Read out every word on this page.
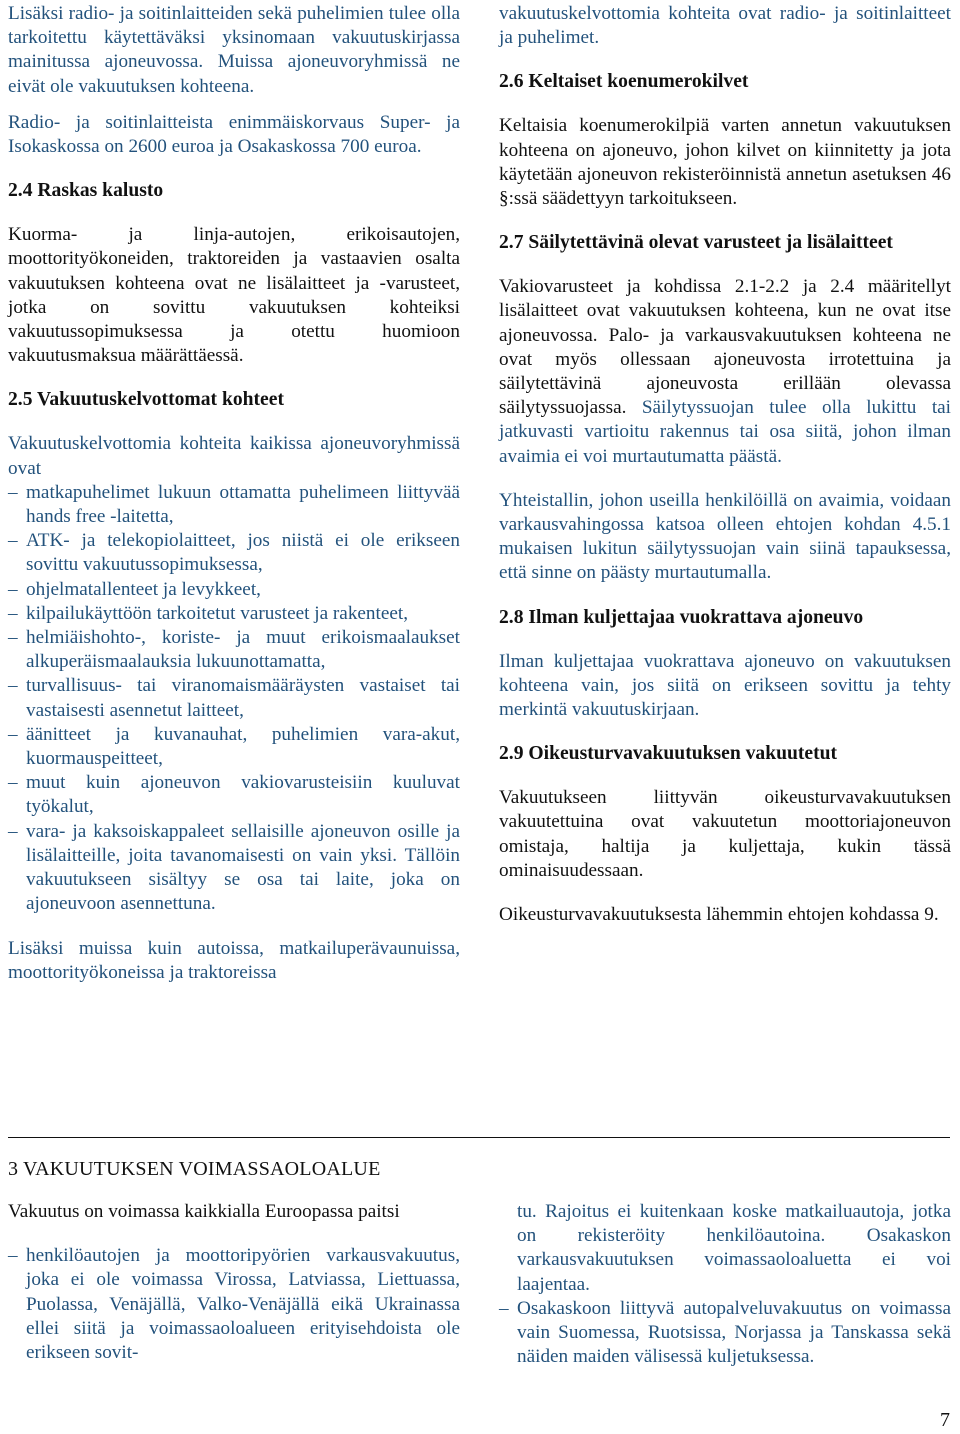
Lisäksi radio- ja soitinlaitteiden sekä puhelimien tulee olla tarkoitettu käytettäväksi yksinomaan vakuutuskirjassa mainitussa ajoneuvossa. Muissa ajoneuvoryhmissä ne eivät ole vakuutuksen kohteena.

Radio- ja soitinlaitteista enimmäiskorvaus Super- ja Isokaskossa on 2600 euroa ja Osakaskossa 700 euroa.

2.4 Raskas kalusto

Kuorma- ja linja-autojen, erikoisautojen, moottorityökoneiden, traktoreiden ja vastaavien osalta vakuutuksen kohteena ovat ne lisälaitteet ja -varusteet, jotka on sovittu vakuutuksen kohteiksi vakuutussopimuksessa ja otettu huomioon vakuutusmaksua määrättäessä.

2.5 Vakuutuskelvottomat kohteet

Vakuutuskelvottomia kohteita kaikissa ajoneuvoryhmissä ovat

– matkapuhelimet lukuun ottamatta puhelimeen liittyvää hands free -laitetta,
– ATK- ja telekopiolaitteet, jos niistä ei ole erikseen sovittu vakuutussopimuksessa,
– ohjelmatallenteet ja levykkeet,
– kilpailukäyttöön tarkoitetut varusteet ja rakenteet,
– helmiäishohto-, koriste- ja muut erikoismaalaukset alkuperäismaalauksia lukuunottamatta,
– turvallisuus- tai viranomaismääräysten vastaiset tai vastaisesti asennetut laitteet,
– äänitteet ja kuvanauhat, puhelimien vara-akut, kuormauspeitteet,
– muut kuin ajoneuvon vakiovarusteisiin kuuluvat työkalut,
– vara- ja kaksoiskappaleet sellaisille ajoneuvon osille ja lisälaitteille, joita tavanomaisesti on vain yksi. Tällöin vakuutukseen sisältyy se osa tai laite, joka on ajoneuvoon asennettuna.

Lisäksi muissa kuin autoissa, matkailuperävaunuissa, moottorityökoneissa ja traktoreissa

vakuutuskelvottomia kohteita ovat radio- ja soitinlaitteet ja puhelimet.

2.6 Keltaiset koenumerokilvet

Keltaisia koenumerokilpiä varten annetun vakuutuksen kohteena on ajoneuvo, johon kilvet on kiinnitetty ja jota käytetään ajoneuvon rekisteröinnistä annetun asetuksen 46 §:ssä säädettyyn tarkoitukseen.

2.7 Säilytettävinä olevat varusteet ja lisälaitteet

Vakiovarusteet ja kohdissa 2.1-2.2 ja 2.4 määritellyt lisälaitteet ovat vakuutuksen kohteena, kun ne ovat itse ajoneuvossa. Palo- ja varkausvakuutuksen kohteena ne ovat myös ollessaan ajoneuvosta irrotettuina ja säilytettävinä ajoneuvosta erillään olevassa säilytyssuojassa. Säilytyssuojan tulee olla lukittu tai jatkuvasti vartioitu rakennus tai osa siitä, johon ilman avaimia ei voi murtautumatta päästä.

Yhteistallin, johon useilla henkilöillä on avaimia, voidaan varkausvahingossa katsoa olleen ehtojen kohdan 4.5.1 mukaisen lukitun säilytyssuojan vain siinä tapauksessa, että sinne on päästy murtautumalla.

2.8 Ilman kuljettajaa vuokrattava ajoneuvo

Ilman kuljettajaa vuokrattava ajoneuvo on vakuutuksen kohteena vain, jos siitä on erikseen sovittu ja tehty merkintä vakuutuskirjaan.

2.9 Oikeusturvavakuutuksen vakuutetut

Vakuutukseen liittyvän oikeusturvavakuutuksen vakuutettuina ovat vakuutetun moottoriajoneuvon omistaja, haltija ja kuljettaja, kukin tässä ominaisuudessaan.

Oikeusturvavakuutuksesta lähemmin ehtojen kohdassa 9.

3 VAKUUTUKSEN VOIMASSAOLOALUE

Vakuutus on voimassa kaikkialla Euroopassa paitsi

– henkilöautojen ja moottoripyörien varkausvakuutus, joka ei ole voimassa Virossa, Latviassa, Liettuassa, Puolassa, Venäjällä, Valko-Venäjällä eikä Ukrainassa ellei siitä ja voimassaoloalueen erityisehdoista ole erikseen sovit-

tu. Rajoitus ei kuitenkaan koske matkailuautoja, jotka on rekisteröity henkilöautoina. Osakaskon varkausvakuutuksen voimassaoloaluetta ei voi laajentaa.

– Osakaskoon liittyvä autopalveluvakuutus on voimassa vain Suomessa, Ruotsissa, Norjassa ja Tanskassa sekä näiden maiden välisessä kuljetuksessa.
7
